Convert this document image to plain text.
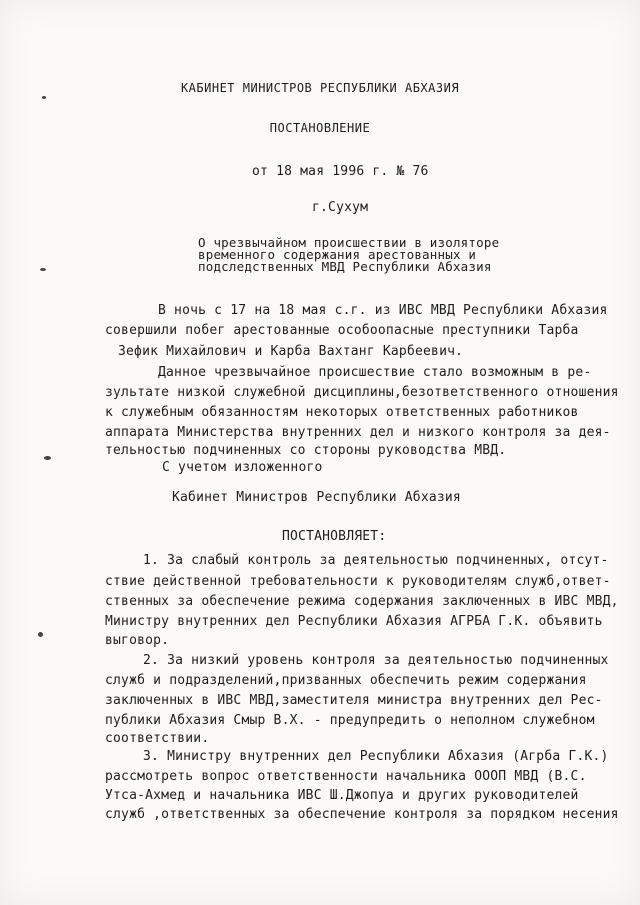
КАБИНЕТ МИНИСТРОВ РЕСПУБЛИКИ АБХАЗИЯ
ПОСТАНОВЛЕНИЕ
от 18 мая 1996 г. № 76
г.Сухум
О чрезвычайном происшествии в изоляторе
временного содержания арестованных и
подследственных МВД Республики Абхазия
В ночь с 17 на 18 мая с.г. из ИВС МВД Республики Абхазия
совершили побег арестованные особоопасные преступники Тарба
Зефик Михайлович и Карба Вахтанг Карбеевич.
Данное чрезвычайное происшествие стало возможным в ре-
зультате низкой служебной дисциплины,безответственного отношения
к служебным обязанностям некоторых ответственных работников
аппарата Министерства внутренних дел и низкого контроля за дея-
тельностью подчиненных со стороны руководства МВД.
С учетом изложенного
Кабинет Министров Республики Абхазия
ПОСТАНОВЛЯЕТ:
1. За слабый контроль за деятельностью подчиненных, отсут-
ствие действенной требовательности к руководителям служб,ответ-
ственных за обеспечение режима содержания заключенных в ИВС МВД,
Министру внутренних дел Республики Абхазия АГРБА Г.К. объявить
выговор.
2. За низкий уровень контроля за деятельностью подчиненных
служб и подразделений,призванных обеспечить режим содержания
заключенных в ИВС МВД,заместителя министра внутренних дел Рес-
публики Абхазия Смыр В.Х. - предупредить о неполном служебном
соответствии.
3. Министру внутренних дел Республики Абхазия (Агрба Г.К.)
рассмотреть вопрос ответственности начальника ОООП МВД (В.С.
Утса-Ахмед и начальника ИВС Ш.Джопуа и других руководителей
служб ,ответственных за обеспечение контроля за порядком несения
